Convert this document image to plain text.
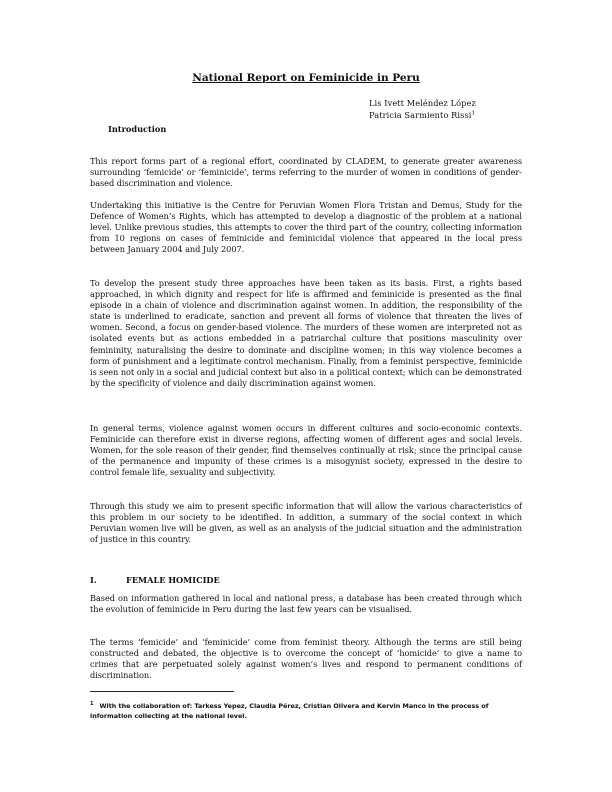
National Report on Feminicide in Peru
Lis Ivett Meléndez López
Patricia Sarmiento Rissi$^1$
Introduction

This report forms part of a regional effort, coordinated by CLADEM, to generate greater awareness surrounding ‘femicide’ or ‘feminicide’, terms referring to the murder of women in conditions of gender-based discrimination and violence.

Undertaking this initiative is the Centre for Peruvian Women Flora Tristan and Demus, Study for the Defence of Women’s Rights, which has attempted to develop a diagnostic of the problem at a national level. Unlike previous studies, this attempts to cover the third part of the country, collecting information from 10 regions on cases of feminicide and feminicidal violence that appeared in the local press between January 2004 and July 2007.

To develop the present study three approaches have been taken as its basis. First, a rights based approached, in which dignity and respect for life is affirmed and feminicide is presented as the final episode in a chain of violence and discrimination against women. In addition, the responsibility of the state is underlined to eradicate, sanction and prevent all forms of violence that threaten the lives of women. Second, a focus on gender-based violence. The murders of these women are interpreted not as isolated events but as actions embedded in a patriarchal culture that positions masculinity over femininity, naturalising the desire to dominate and discipline women; in this way violence becomes a form of punishment and a legitimate control mechanism. Finally, from a feminist perspective, feminicide is seen not only in a social and judicial context but also in a political context; which can be demonstrated by the specificity of violence and daily discrimination against women.

In general terms, violence against women occurs in different cultures and socio-economic contexts. Feminicide can therefore exist in diverse regions, affecting women of different ages and social levels. Women, for the sole reason of their gender, find themselves continually at risk; since the principal cause of the permanence and impunity of these crimes is a misogynist society, expressed in the desire to control female life, sexuality and subjectivity.

Through this study we aim to present specific information that will allow the various characteristics of this problem in our society to be identified. In addition, a summary of the social context in which Peruvian women live will be given, as well as an analysis of the judicial situation and the administration of justice in this country.

I.	FEMALE HOMICIDE

Based on information gathered in local and national press, a database has been created through which the evolution of feminicide in Peru during the last few years can be visualised.

The terms ‘femicide’ and ‘feminicide’ come from feminist theory. Although the terms are still being constructed and debated, the objective is to overcome the concept of ‘homicide’ to give a name to crimes that are perpetuated solely against women’s lives and respond to permanent conditions of discrimination.

$^1$ With the collaboration of: Tarkess Yepez, Claudia Pérez, Cristian Olivera and Kervin Manco in the process of information collecting at the national level.
